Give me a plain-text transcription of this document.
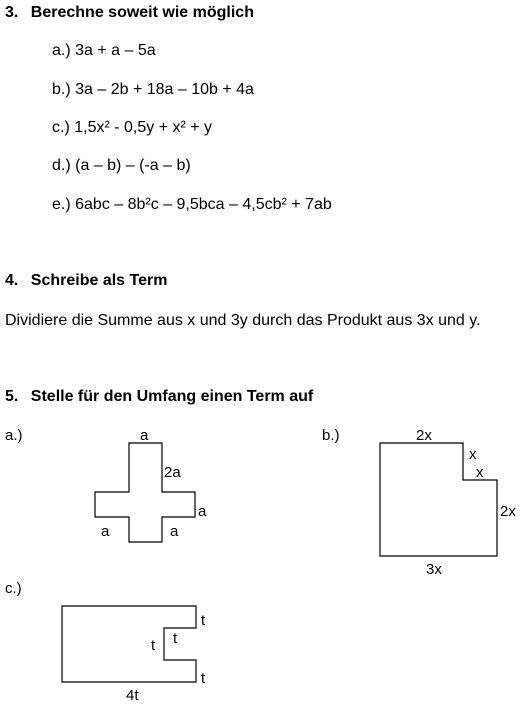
3. Berechne soweit wie möglich
a.) 3a + a – 5a
b.) 3a – 2b + 18a – 10b + 4a
c.) 1,5x² - 0,5y + x² + y
d.) (a – b) – (-a – b)
e.) 6abc – 8b²c – 9,5bca – 4,5cb² + 7ab
4. Schreibe als Term
Dividiere die Summe aus x und 3y durch das Produkt aus 3x und y.
5. Stelle für den Umfang einen Term auf
a.)	a
2a
a
a	a
b.)	2x
x
x
2x
3x
c.)
t
t
t
t
4t
